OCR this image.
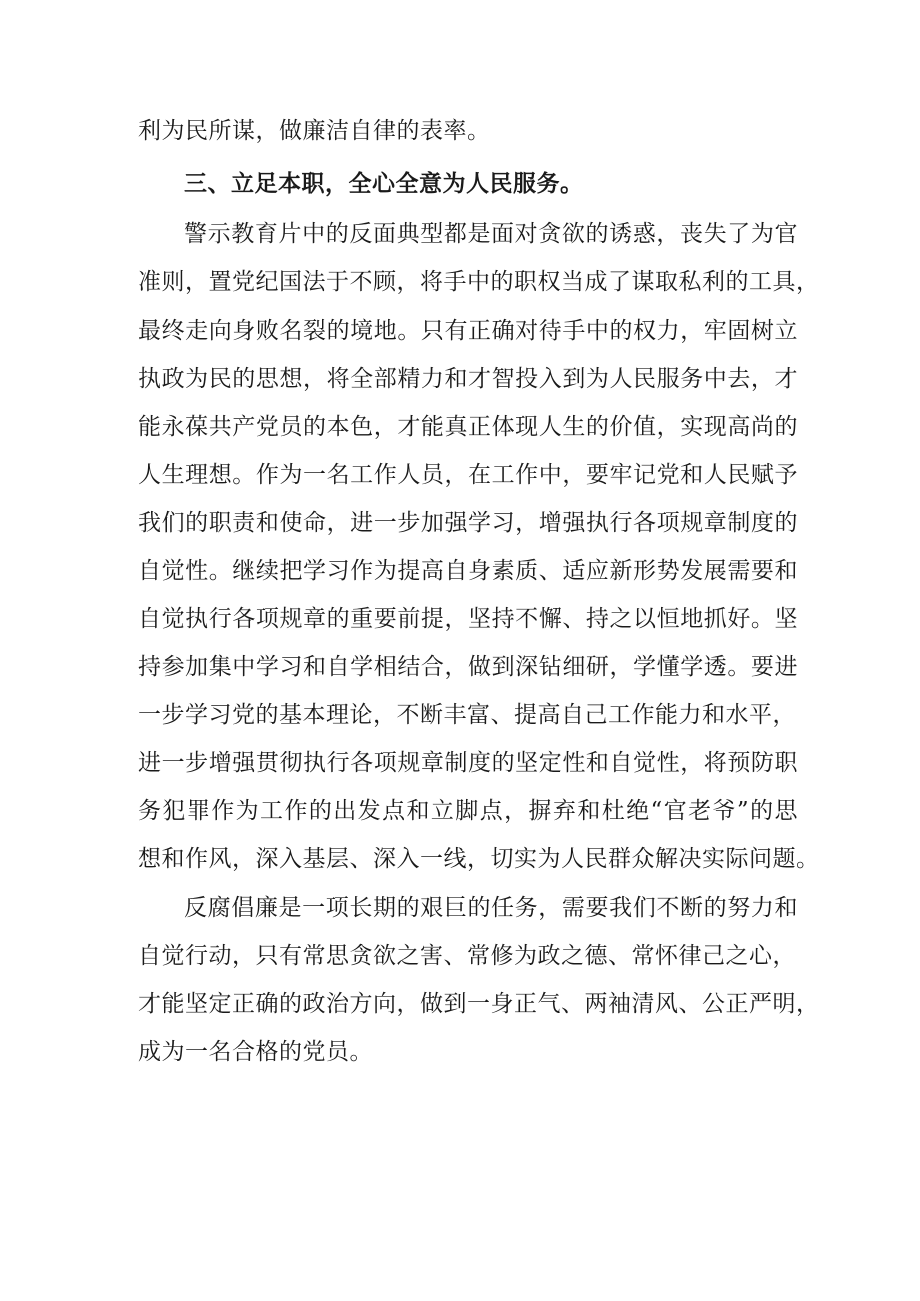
利为民所谋，做廉洁自律的表率。
三、立足本职，全心全意为人民服务。
警示教育片中的反面典型都是面对贪欲的诱惑，丧失了为官
准则，置党纪国法于不顾，将手中的职权当成了谋取私利的工具，
最终走向身败名裂的境地。只有正确对待手中的权力，牢固树立
执政为民的思想，将全部精力和才智投入到为人民服务中去，才
能永葆共产党员的本色，才能真正体现人生的价值，实现高尚的
人生理想。作为一名工作人员，在工作中，要牢记党和人民赋予
我们的职责和使命，进一步加强学习，增强执行各项规章制度的
自觉性。继续把学习作为提高自身素质、适应新形势发展需要和
自觉执行各项规章的重要前提，坚持不懈、持之以恒地抓好。坚
持参加集中学习和自学相结合，做到深钻细研，学懂学透。要进
一步学习党的基本理论，不断丰富、提高自己工作能力和水平，
进一步增强贯彻执行各项规章制度的坚定性和自觉性，将预防职
务犯罪作为工作的出发点和立脚点，摒弃和杜绝“官老爷”的思
想和作风，深入基层、深入一线，切实为人民群众解决实际问题。
反腐倡廉是一项长期的艰巨的任务，需要我们不断的努力和
自觉行动，只有常思贪欲之害、常修为政之德、常怀律己之心，
才能坚定正确的政治方向，做到一身正气、两袖清风、公正严明，
成为一名合格的党员。
